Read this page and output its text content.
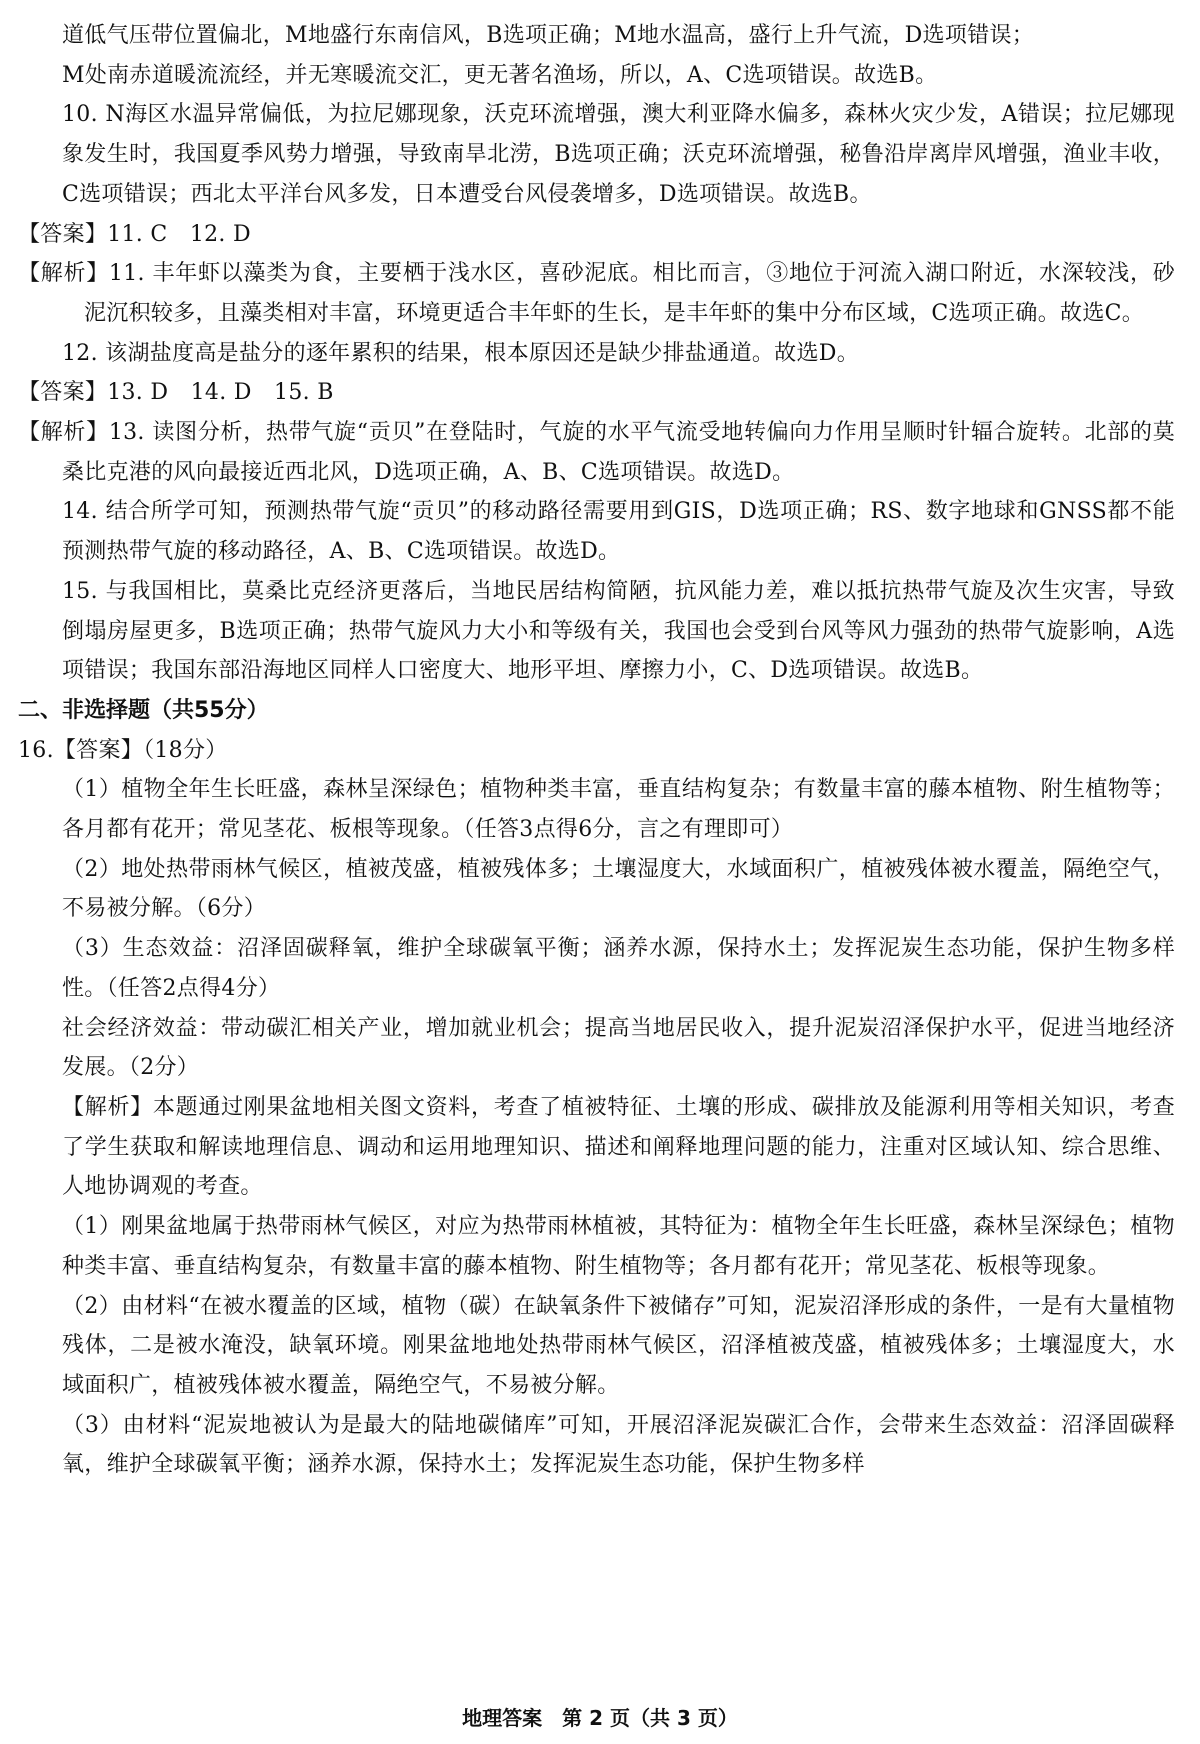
道低气压带位置偏北，M地盛行东南信风，B选项正确；M地水温高，盛行上升气流，D选项错误；

M处南赤道暖流流经，并无寒暖流交汇，更无著名渔场，所以，A、C选项错误。故选B。

10. N海区水温异常偏低，为拉尼娜现象，沃克环流增强，澳大利亚降水偏多，森林火灾少发，A错误；拉尼娜现象发生时，我国夏季风势力增强，导致南旱北涝，B选项正确；沃克环流增强，秘鲁沿岸离岸风增强，渔业丰收，C选项错误；西北太平洋台风多发，日本遭受台风侵袭增多，D选项错误。故选B。

【答案】11. C　12. D

【解析】11. 丰年虾以藻类为食，主要栖于浅水区，喜砂泥底。相比而言，③地位于河流入湖口附近，水深较浅，砂泥沉积较多，且藻类相对丰富，环境更适合丰年虾的生长，是丰年虾的集中分布区域，C选项正确。故选C。

12. 该湖盐度高是盐分的逐年累积的结果，根本原因还是缺少排盐通道。故选D。

【答案】13. D　14. D　15. B

【解析】13. 读图分析，热带气旋“贡贝”在登陆时，气旋的水平气流受地转偏向力作用呈顺时针辐合旋转。北部的莫桑比克港的风向最接近西北风，D选项正确，A、B、C选项错误。故选D。

14. 结合所学可知，预测热带气旋“贡贝”的移动路径需要用到GIS，D选项正确；RS、数字地球和GNSS都不能预测热带气旋的移动路径，A、B、C选项错误。故选D。

15. 与我国相比，莫桑比克经济更落后，当地民居结构简陋，抗风能力差，难以抵抗热带气旋及次生灾害，导致倒塌房屋更多，B选项正确；热带气旋风力大小和等级有关，我国也会受到台风等风力强劲的热带气旋影响，A选项错误；我国东部沿海地区同样人口密度大、地形平坦、摩擦力小，C、D选项错误。故选B。

二、非选择题（共55分）

16.【答案】（18分）

（1）植物全年生长旺盛，森林呈深绿色；植物种类丰富，垂直结构复杂；有数量丰富的藤本植物、附生植物等；各月都有花开；常见茎花、板根等现象。（任答3点得6分，言之有理即可）

（2）地处热带雨林气候区，植被茂盛，植被残体多；土壤湿度大，水域面积广，植被残体被水覆盖，隔绝空气，不易被分解。（6分）

（3）生态效益：沼泽固碳释氧，维护全球碳氧平衡；涵养水源，保持水土；发挥泥炭生态功能，保护生物多样性。（任答2点得4分）

社会经济效益：带动碳汇相关产业，增加就业机会；提高当地居民收入，提升泥炭沼泽保护水平，促进当地经济发展。（2分）

【解析】本题通过刚果盆地相关图文资料，考查了植被特征、土壤的形成、碳排放及能源利用等相关知识，考查了学生获取和解读地理信息、调动和运用地理知识、描述和阐释地理问题的能力，注重对区域认知、综合思维、人地协调观的考查。

（1）刚果盆地属于热带雨林气候区，对应为热带雨林植被，其特征为：植物全年生长旺盛，森林呈深绿色；植物种类丰富、垂直结构复杂，有数量丰富的藤本植物、附生植物等；各月都有花开；常见茎花、板根等现象。

（2）由材料“在被水覆盖的区域，植物（碳）在缺氧条件下被储存”可知，泥炭沼泽形成的条件，一是有大量植物残体，二是被水淹没，缺氧环境。刚果盆地地处热带雨林气候区，沼泽植被茂盛，植被残体多；土壤湿度大，水域面积广，植被残体被水覆盖，隔绝空气，不易被分解。

（3）由材料“泥炭地被认为是最大的陆地碳储库”可知，开展沼泽泥炭碳汇合作，会带来生态效益：沼泽固碳释氧，维护全球碳氧平衡；涵养水源，保持水土；发挥泥炭生态功能，保护生物多样

地理答案　第 2 页（共 3 页）
